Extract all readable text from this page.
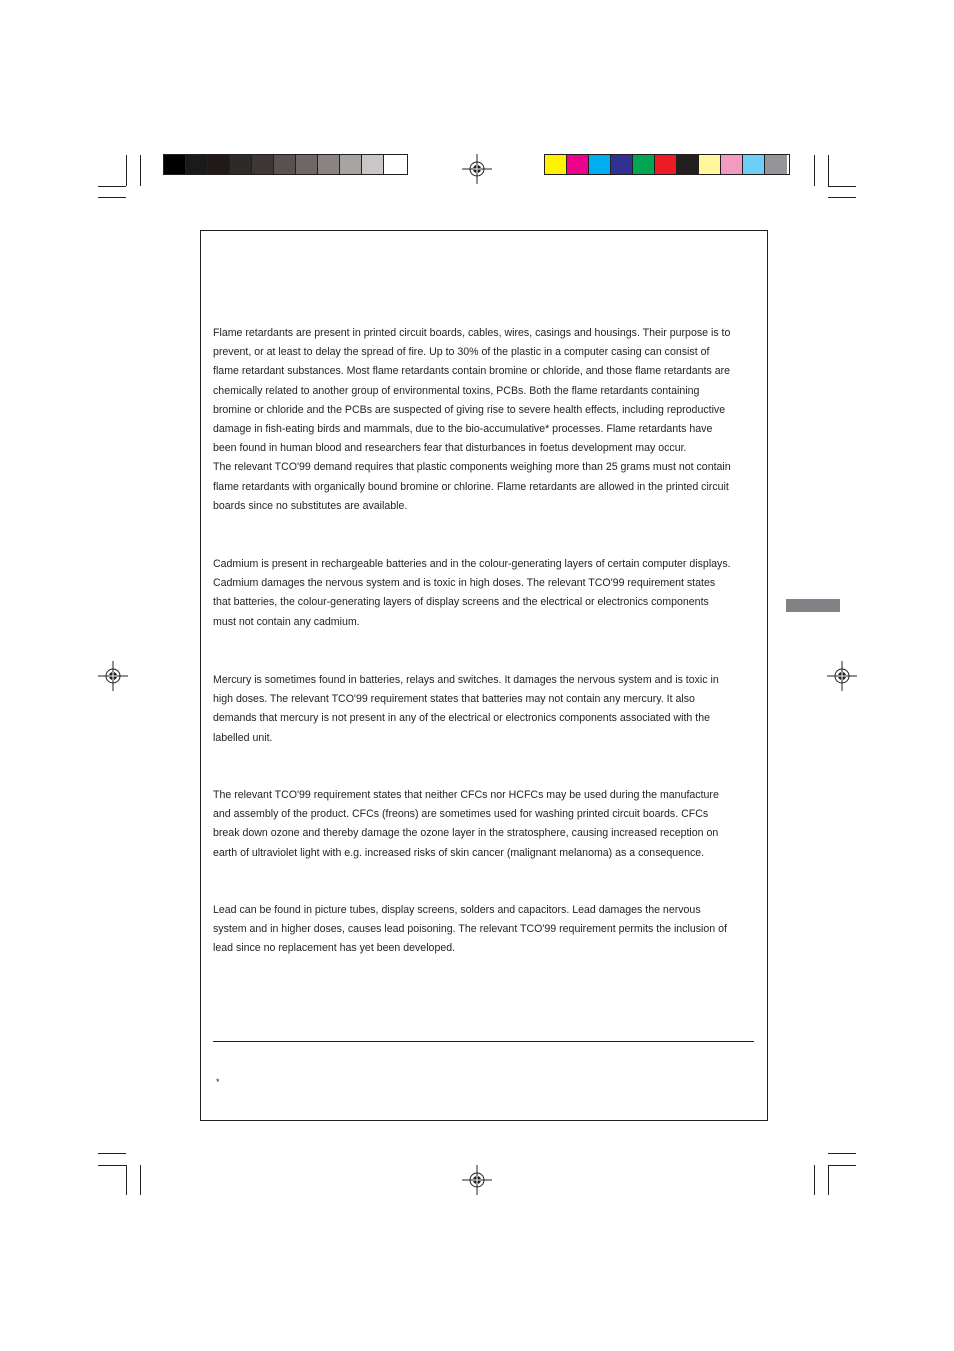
Flame retardants are present in printed circuit boards, cables, wires, casings and housings. Their purpose is to
prevent, or at least to delay the spread of fire. Up to 30% of the plastic in a computer casing can consist of
flame retardant substances. Most flame retardants contain bromine or chloride, and those flame retardants are
chemically related to another group of environmental toxins, PCBs. Both the flame retardants containing
bromine or chloride and the PCBs are suspected of giving rise to severe health effects, including reproductive
damage in fish-eating birds and mammals, due to the bio-accumulative* processes. Flame retardants have
been found in human blood and researchers fear that disturbances in foetus development may occur.
The relevant TCO'99 demand requires that plastic components weighing more than 25 grams must not contain
flame retardants with organically bound bromine or chlorine. Flame retardants are allowed in the printed circuit
boards since no substitutes are available.

Cadmium is present in rechargeable batteries and in the colour-generating layers of certain computer displays.
Cadmium damages the nervous system and is toxic in high doses. The relevant TCO'99 requirement states
that batteries, the colour-generating layers of display screens and the electrical or electronics components
must not contain any cadmium.

Mercury is sometimes found in batteries, relays and switches. It damages the nervous system and is toxic in
high doses. The relevant TCO'99 requirement states that batteries may not contain any mercury. It also
demands that mercury is not present in any of the electrical or electronics components associated with the
labelled unit.

The relevant TCO'99 requirement states that neither CFCs nor HCFCs may be used during the manufacture
and assembly of the product. CFCs (freons) are sometimes used for washing printed circuit boards. CFCs
break down ozone and thereby damage the ozone layer in the stratosphere, causing increased reception on
earth of ultraviolet light with e.g. increased risks of skin cancer (malignant melanoma) as a consequence.

Lead can be found in picture tubes, display screens, solders and capacitors. Lead damages the nervous
system and in higher doses, causes lead poisoning. The relevant TCO'99 requirement permits the inclusion of
lead since no replacement has yet been developed.

*
